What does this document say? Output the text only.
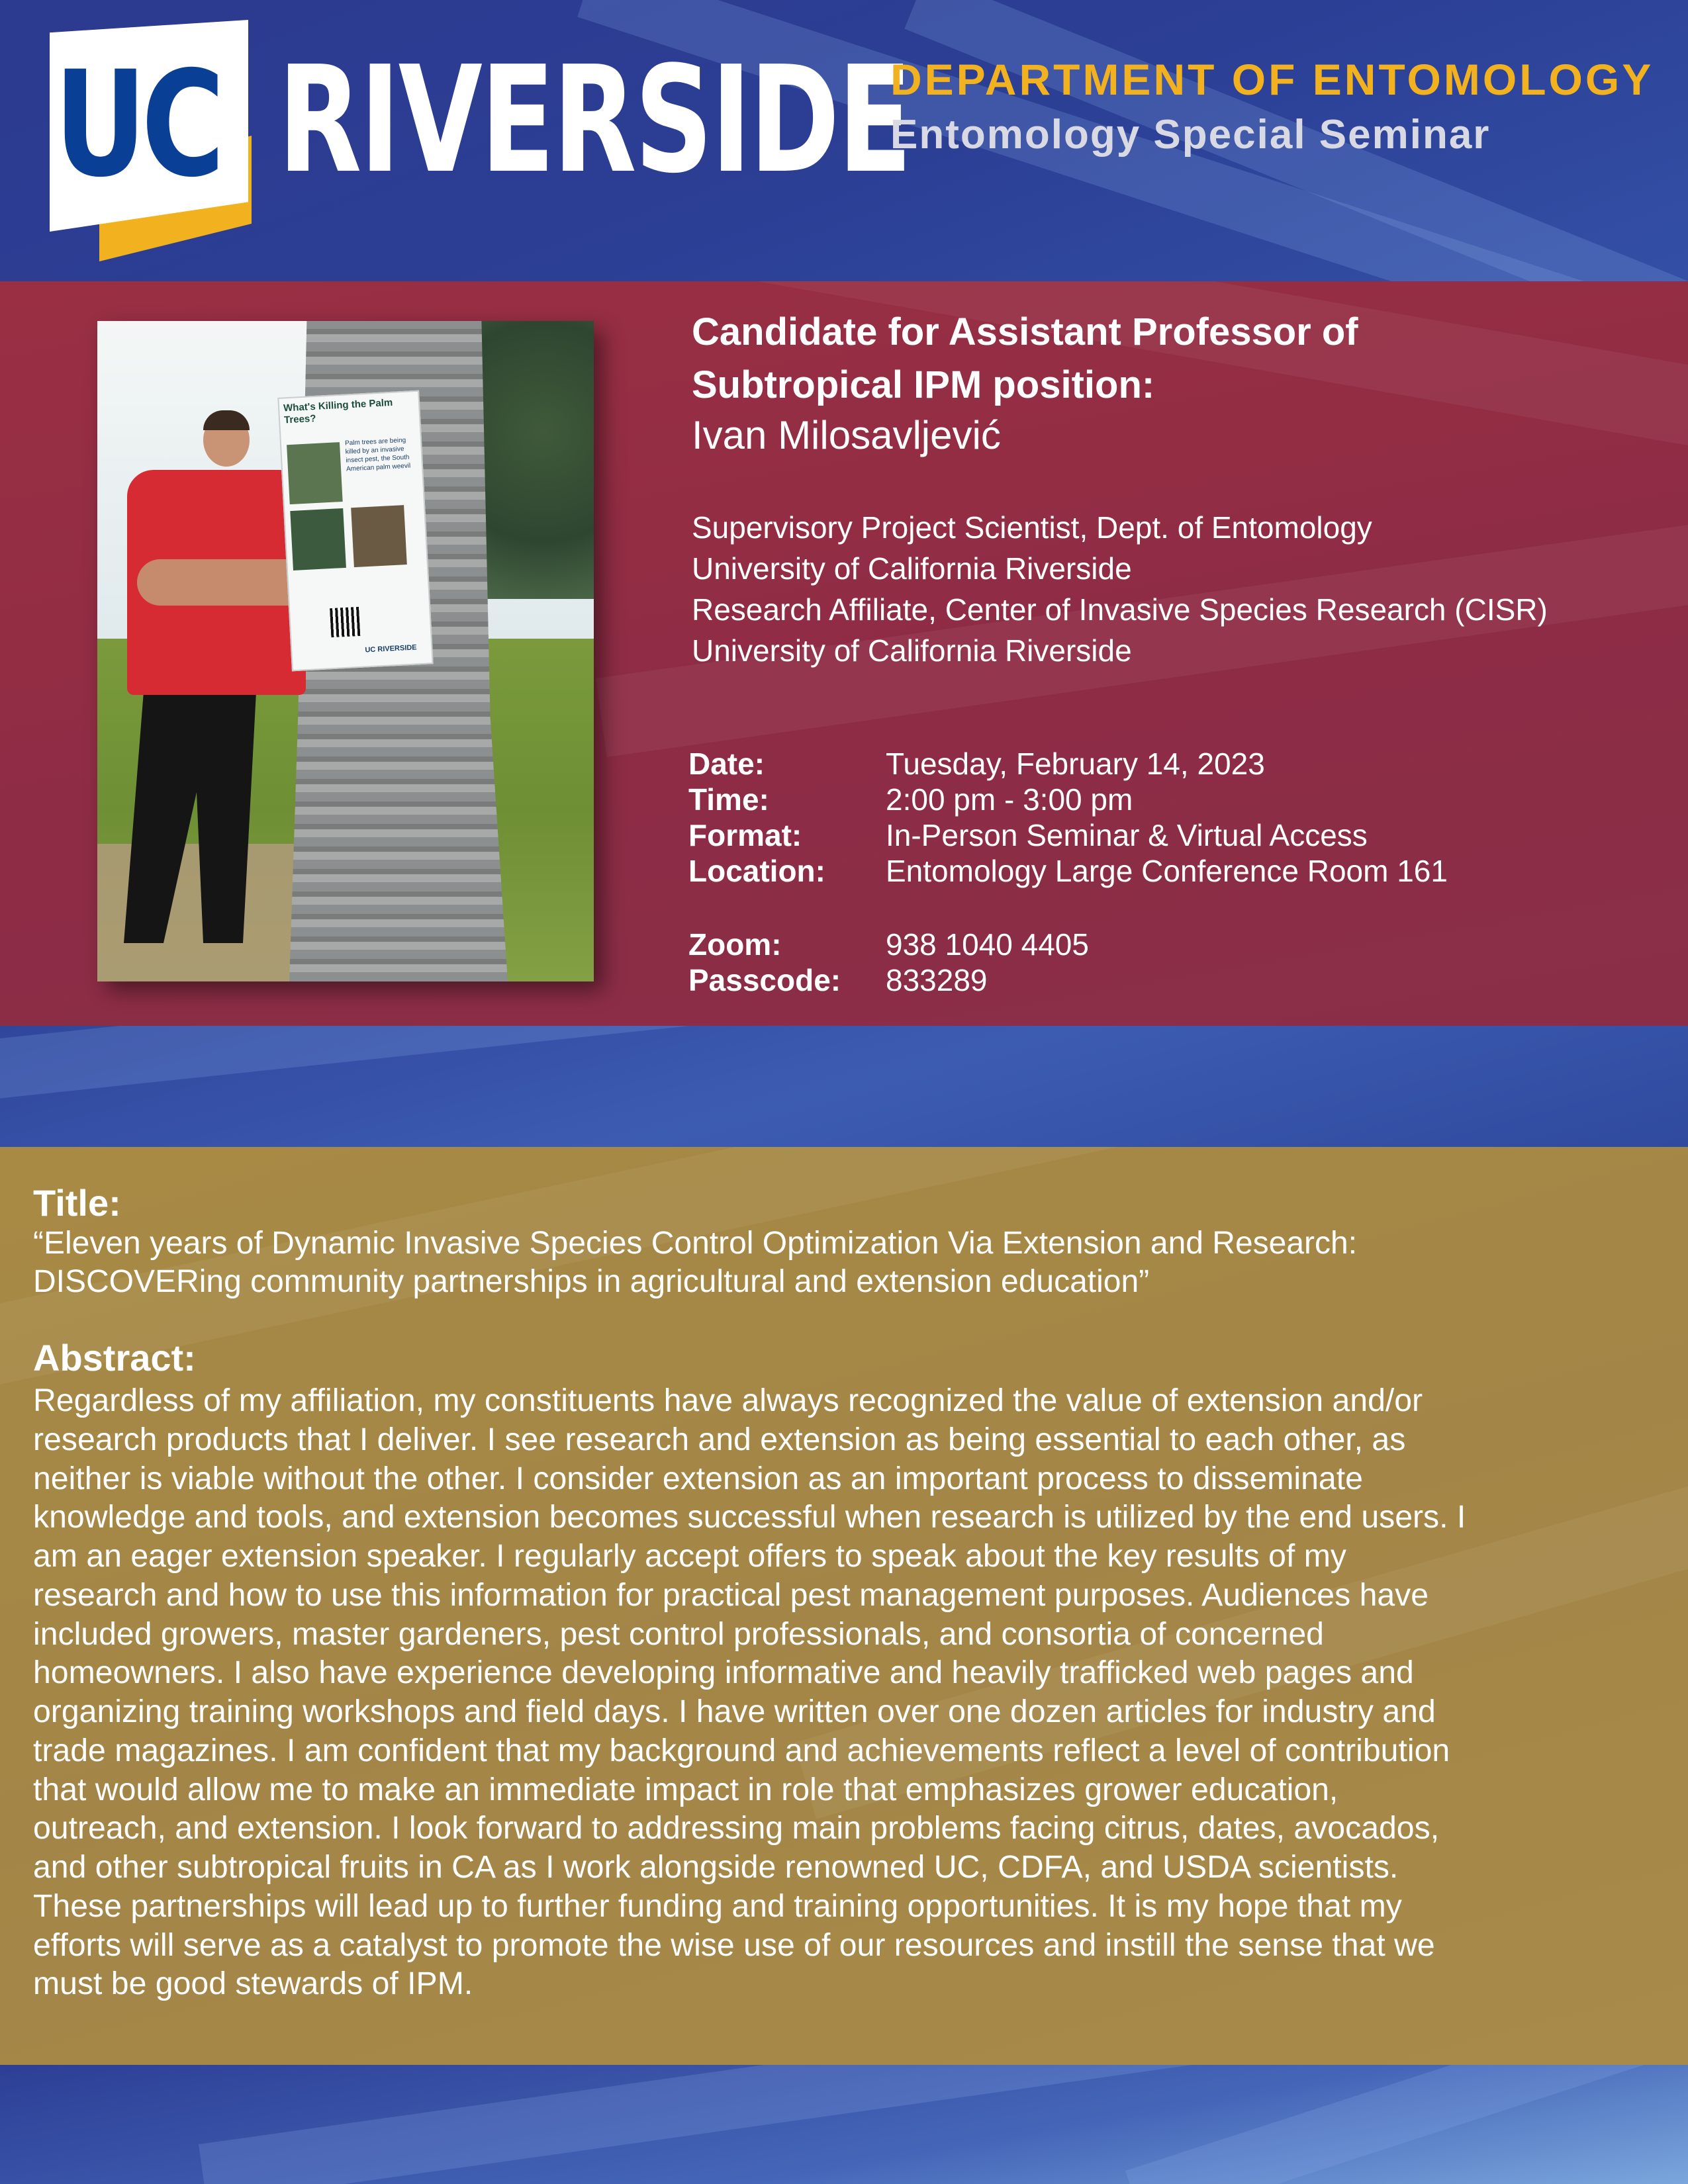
UC RIVERSIDE
DEPARTMENT OF ENTOMOLOGY
Entomology Special Seminar
What's Killing the Palm Trees?
Palm trees are being killed by an invasive insect pest, the South American palm weevil
UC RIVERSIDE
Candidate for Assistant Professor of
Subtropical IPM position:
Ivan Milosavljević
Supervisory Project Scientist, Dept. of Entomology
University of California Riverside
Research Affiliate, Center of Invasive Species Research (CISR)
University of California Riverside
Date:	Tuesday, February 14, 2023
Time:	2:00 pm - 3:00 pm
Format:	In-Person Seminar & Virtual Access
Location: Entomology Large Conference Room 161
Zoom:	938 1040 4405
Passcode: 833289
Title:
“Eleven years of Dynamic Invasive Species Control Optimization Via Extension and Research:
DISCOVERing community partnerships in agricultural and extension education”
Abstract:
Regardless of my affiliation, my constituents have always recognized the value of extension and/or
research products that I deliver. I see research and extension as being essential to each other, as
neither is viable without the other. I consider extension as an important process to disseminate
knowledge and tools, and extension becomes successful when research is utilized by the end users. I
am an eager extension speaker. I regularly accept offers to speak about the key results of my
research and how to use this information for practical pest management purposes. Audiences have
included growers, master gardeners, pest control professionals, and consortia of concerned
homeowners. I also have experience developing informative and heavily trafficked web pages and
organizing training workshops and field days. I have written over one dozen articles for industry and
trade magazines. I am confident that my background and achievements reflect a level of contribution
that would allow me to make an immediate impact in role that emphasizes grower education,
outreach, and extension. I look forward to addressing main problems facing citrus, dates, avocados,
and other subtropical fruits in CA as I work alongside renowned UC, CDFA, and USDA scientists.
These partnerships will lead up to further funding and training opportunities. It is my hope that my
efforts will serve as a catalyst to promote the wise use of our resources and instill the sense that we
must be good stewards of IPM.
